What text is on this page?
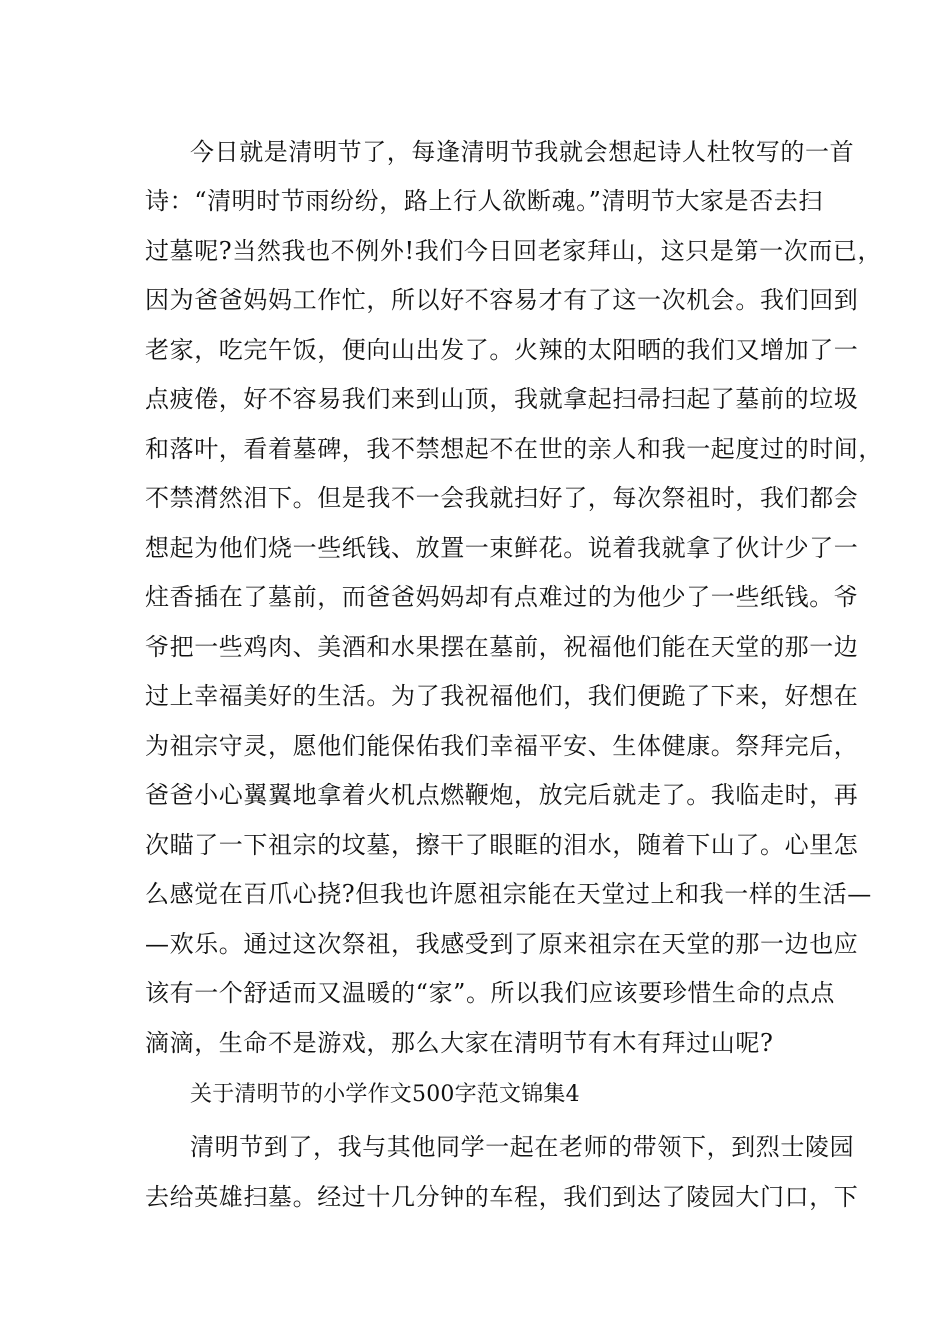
今日就是清明节了，每逢清明节我就会想起诗人杜牧写的一首
诗：“清明时节雨纷纷，路上行人欲断魂。”清明节大家是否去扫
过墓呢?当然我也不例外!我们今日回老家拜山，这只是第一次而已，
因为爸爸妈妈工作忙，所以好不容易才有了这一次机会。我们回到
老家，吃完午饭，便向山出发了。火辣的太阳晒的我们又增加了一
点疲倦，好不容易我们来到山顶，我就拿起扫帚扫起了墓前的垃圾
和落叶，看着墓碑，我不禁想起不在世的亲人和我一起度过的时间，
不禁潸然泪下。但是我不一会我就扫好了，每次祭祖时，我们都会
想起为他们烧一些纸钱、放置一束鲜花。说着我就拿了伙计少了一
炷香插在了墓前，而爸爸妈妈却有点难过的为他少了一些纸钱。爷
爷把一些鸡肉、美酒和水果摆在墓前，祝福他们能在天堂的那一边
过上幸福美好的生活。为了我祝福他们，我们便跪了下来，好想在
为祖宗守灵，愿他们能保佑我们幸福平安、生体健康。祭拜完后，
爸爸小心翼翼地拿着火机点燃鞭炮，放完后就走了。我临走时，再
次瞄了一下祖宗的坟墓，擦干了眼眶的泪水，随着下山了。心里怎
么感觉在百爪心挠?但我也许愿祖宗能在天堂过上和我一样的生活—
—欢乐。通过这次祭祖，我感受到了原来祖宗在天堂的那一边也应
该有一个舒适而又温暖的“家”。所以我们应该要珍惜生命的点点
滴滴，生命不是游戏，那么大家在清明节有木有拜过山呢?
关于清明节的小学作文500字范文锦集4
清明节到了，我与其他同学一起在老师的带领下，到烈士陵园
去给英雄扫墓。经过十几分钟的车程，我们到达了陵园大门口，下
